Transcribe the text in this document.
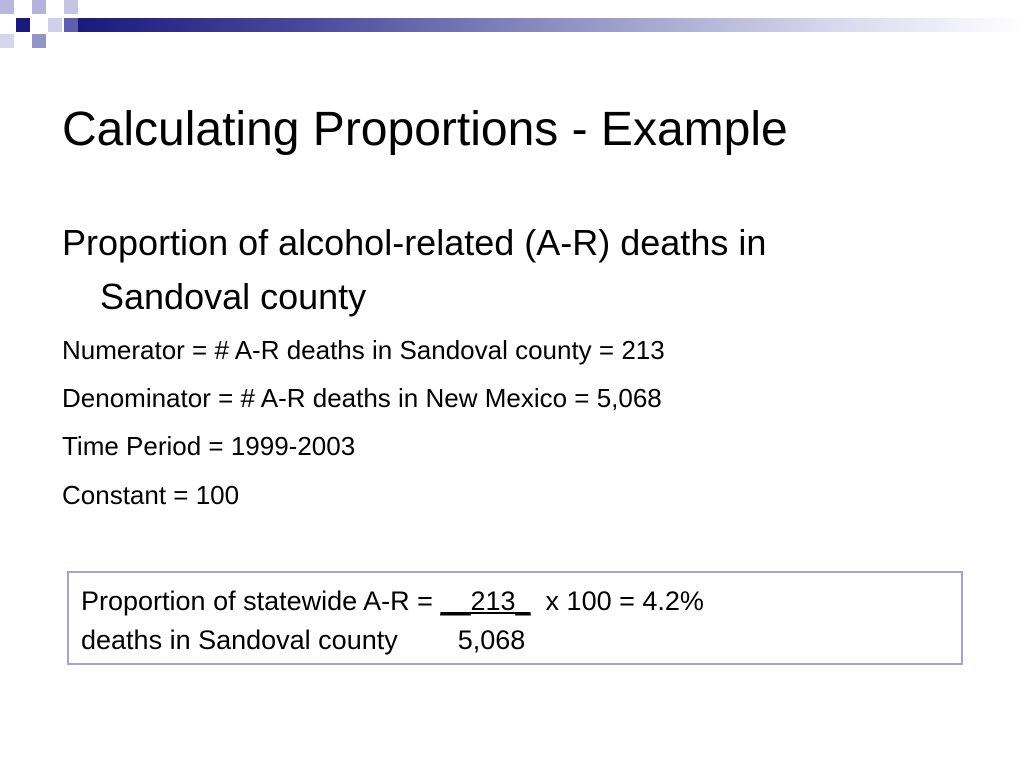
Calculating Proportions - Example
Proportion of alcohol-related (A-R) deaths in
Sandoval county
Numerator = # A-R deaths in Sandoval county = 213
Denominator = # A-R deaths in New Mexico = 5,068
Time Period = 1999-2003
Constant = 100
Proportion of statewide A-R = __213_  x 100 = 4.2%
deaths in Sandoval county 5,068
